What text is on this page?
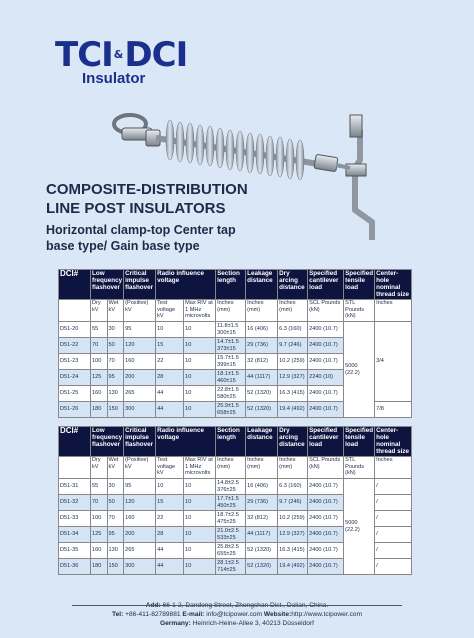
TCI&DCI
Insulator
COMPOSITE-DISTRIBUTION
LINE POST INSULATORS
Horizontal clamp-top Center tap
base type/ Gain base type
DCI#	Low frequency flashover		Critical impulse flashover	Radio influence voltage		Section length	Leakage distance	Dry arcing distance	Specified cantilever load	Specified tensile load	Center-hole nominal thread size
	Dry kV	Wet kV	(Positive) kV	Test voltage kV	Max RIV at 1 MHz microvolts	Inches (mm)	Inches (mm)	Inches (mm)	SCL Pounds (kN)	STL Pounds (kN)	Inches
D51-20	55	30	95	10	10	11.8±1.5
300±15	16 (406)	6.3 (160)	2400 (10.7)	5000 (22.2)	3/4
D51-22	70	50	120	15	10	14.7±1.5
373±15	29 (736)	9.7 (246)	2400 (10.7)		
D51-23	100	70	160	22	10	15.7±1.5
399±15	32 (812)	10.2 (259)	2400 (10.7)		
D51-24	125	95	200	28	10	18.1±1.5
460±15	44 (1117)	12.9 (327)	2240 (10)		
D51-25	160	130	265	44	10	22.8±1.5
580±25	52 (1320)	16.3 (415)	2400 (10.7)		
D51-26	180	150	300	44	10	25.9±1.5
658±25	52 (1320)	19.4 (492)	2400 (10.7)		7/8
DCI#	Low frequency flashover		Critical impulse flashover	Radio influence voltage		Section length	Leakage distance	Dry arcing distance	Specified cantilever load	Specified tensile load	Center-hole nominal thread size
	Dry kV	Wet kV	(Positive) kV	Test voltage kV	Max RIV at 1 MHz microvolts	Inches (mm)	Inches (mm)	Inches (mm)	SCL Pounds (kN)	STL Pounds (kN)	Inches
D51-31	55	30	95	10	10	14.8±2.5
376±25	16 (406)	6.3 (160)	2400 (10.7)	5000 (22.2)	/
D51-32	70	50	120	15	10	17.7±1.5
450±25	29 (736)	9.7 (246)	2400 (10.7)		/
D51-33	100	70	160	22	10	18.7±2.5
475±25	32 (812)	10.2 (259)	2400 (10.7)		/
D51-34	125	95	200	28	10	21.0±2.5
533±25	44 (1117)	12.9 (327)	2400 (10.7)		/
D51-35	160	130	265	44	10	25.8±2.5
655±25	52 (1320)	16.3 (415)	2400 (10.7)		/
D51-36	180	150	300	44	10	28.1±2.5
714±25	52 (1320)	19.4 (492)	2400 (10.7)		/
Add: 66-1-2, Dandong Street, Zhongshan Dist., Dalian, China.
Tel: +86-411-82789881 E-mail: info@tcipower.com Website:http://www.tcipower.com
Germany: Heinrich-Heine-Allee 3, 40213 Düsseldorf
